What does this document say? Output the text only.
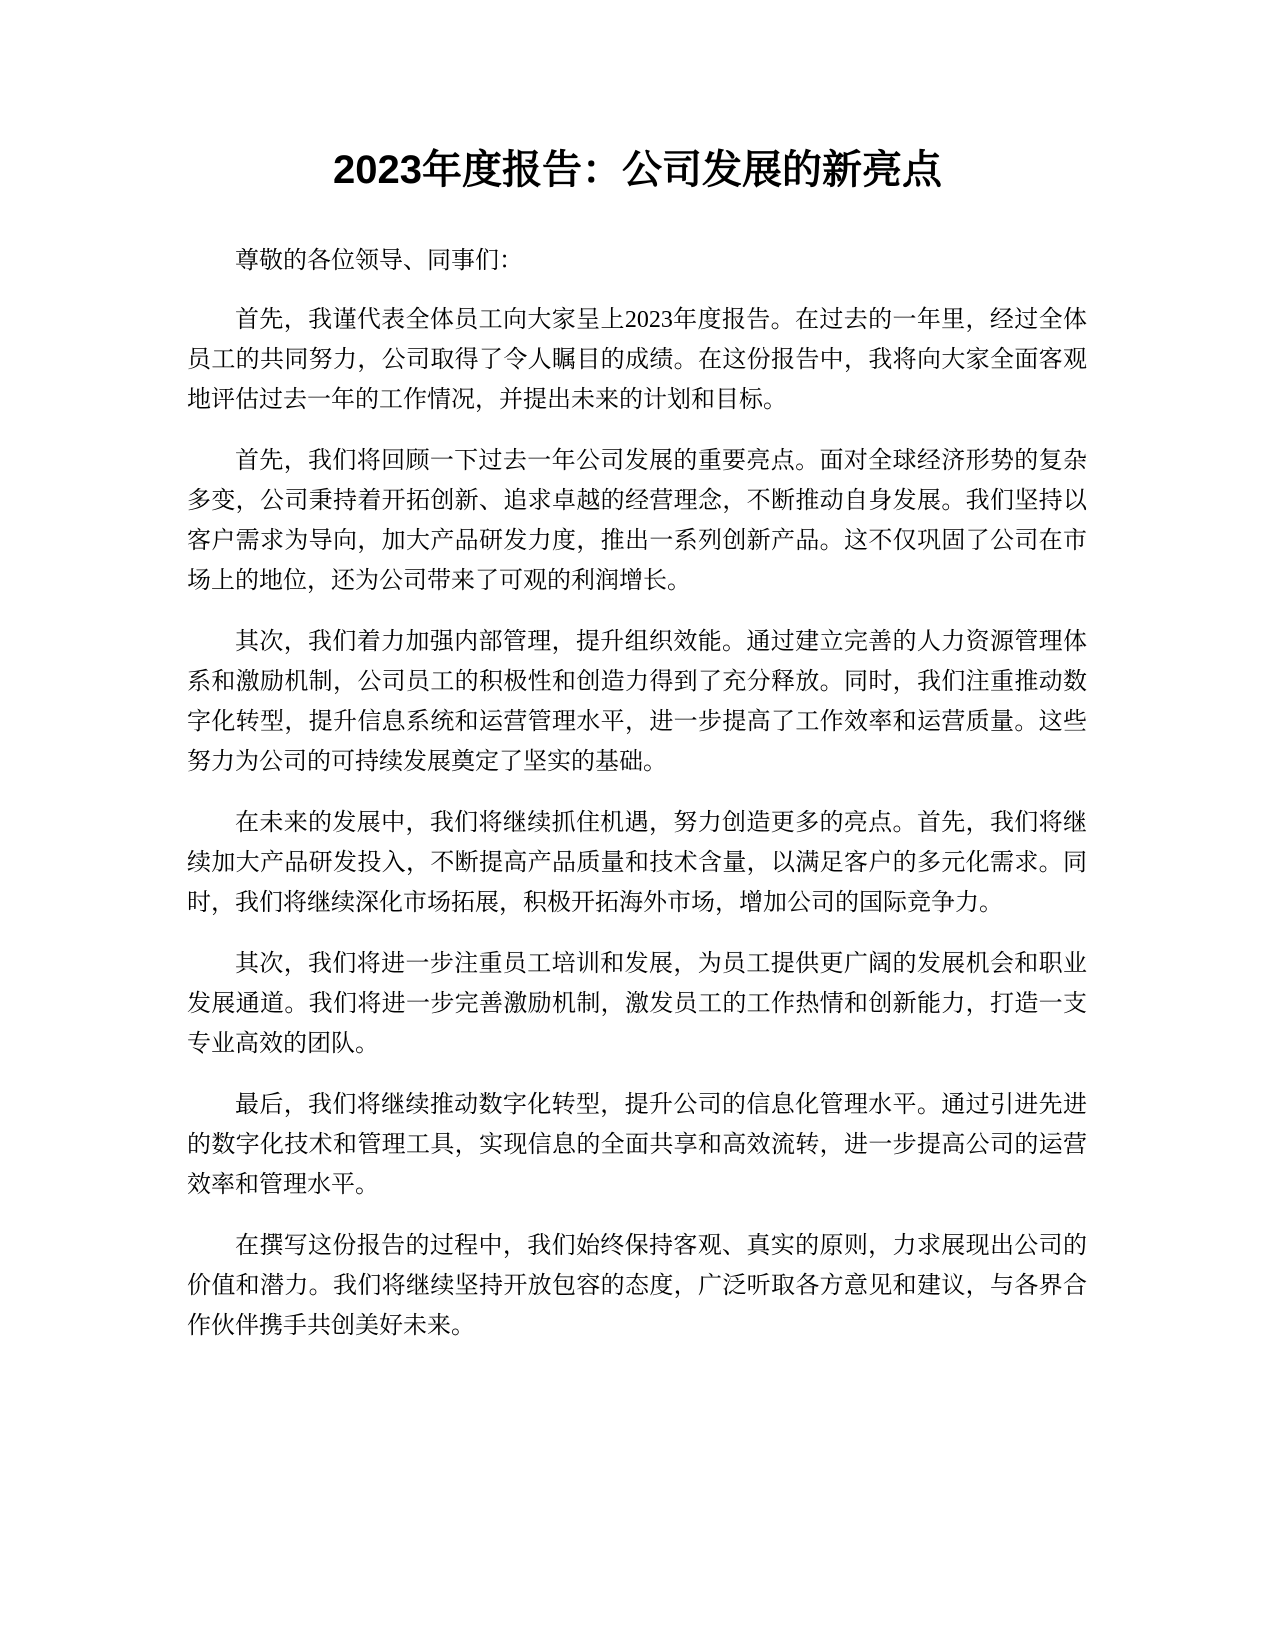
2023年度报告：公司发展的新亮点

尊敬的各位领导、同事们：

首先，我谨代表全体员工向大家呈上2023年度报告。在过去的一年里，经过全体员工的共同努力，公司取得了令人瞩目的成绩。在这份报告中，我将向大家全面客观地评估过去一年的工作情况，并提出未来的计划和目标。

首先，我们将回顾一下过去一年公司发展的重要亮点。面对全球经济形势的复杂多变，公司秉持着开拓创新、追求卓越的经营理念，不断推动自身发展。我们坚持以客户需求为导向，加大产品研发力度，推出一系列创新产品。这不仅巩固了公司在市场上的地位，还为公司带来了可观的利润增长。

其次，我们着力加强内部管理，提升组织效能。通过建立完善的人力资源管理体系和激励机制，公司员工的积极性和创造力得到了充分释放。同时，我们注重推动数字化转型，提升信息系统和运营管理水平，进一步提高了工作效率和运营质量。这些努力为公司的可持续发展奠定了坚实的基础。

在未来的发展中，我们将继续抓住机遇，努力创造更多的亮点。首先，我们将继续加大产品研发投入，不断提高产品质量和技术含量，以满足客户的多元化需求。同时，我们将继续深化市场拓展，积极开拓海外市场，增加公司的国际竞争力。

其次，我们将进一步注重员工培训和发展，为员工提供更广阔的发展机会和职业发展通道。我们将进一步完善激励机制，激发员工的工作热情和创新能力，打造一支专业高效的团队。

最后，我们将继续推动数字化转型，提升公司的信息化管理水平。通过引进先进的数字化技术和管理工具，实现信息的全面共享和高效流转，进一步提高公司的运营效率和管理水平。

在撰写这份报告的过程中，我们始终保持客观、真实的原则，力求展现出公司的价值和潜力。我们将继续坚持开放包容的态度，广泛听取各方意见和建议，与各界合作伙伴携手共创美好未来。
